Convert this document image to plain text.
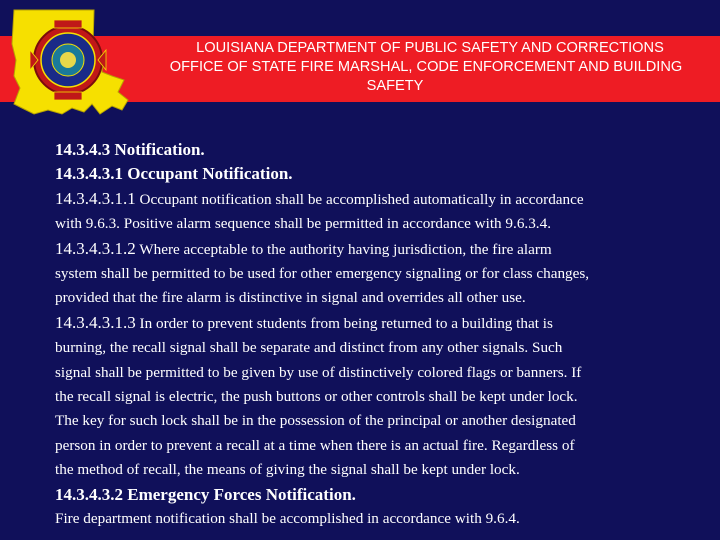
LOUISIANA DEPARTMENT OF PUBLIC SAFETY AND CORRECTIONS
OFFICE OF STATE FIRE MARSHAL, CODE ENFORCEMENT AND BUILDING
SAFETY
14.3.4.3 Notification.
14.3.4.3.1 Occupant Notification.
14.3.4.3.1.1 Occupant notification shall be accomplished automatically in accordance
with 9.6.3. Positive alarm sequence shall be permitted in accordance with 9.6.3.4.
14.3.4.3.1.2 Where acceptable to the authority having jurisdiction, the fire alarm
system shall be permitted to be used for other emergency signaling or for class changes,
provided that the fire alarm is distinctive in signal and overrides all other use.
14.3.4.3.1.3 In order to prevent students from being returned to a building that is
burning, the recall signal shall be separate and distinct from any other signals. Such
signal shall be permitted to be given by use of distinctively colored flags or banners. If
the recall signal is electric, the push buttons or other controls shall be kept under lock.
The key for such lock shall be in the possession of the principal or another designated
person in order to prevent a recall at a time when there is an actual fire. Regardless of
the method of recall, the means of giving the signal shall be kept under lock.
14.3.4.3.2 Emergency Forces Notification.
Fire department notification shall be accomplished in accordance with 9.6.4.
